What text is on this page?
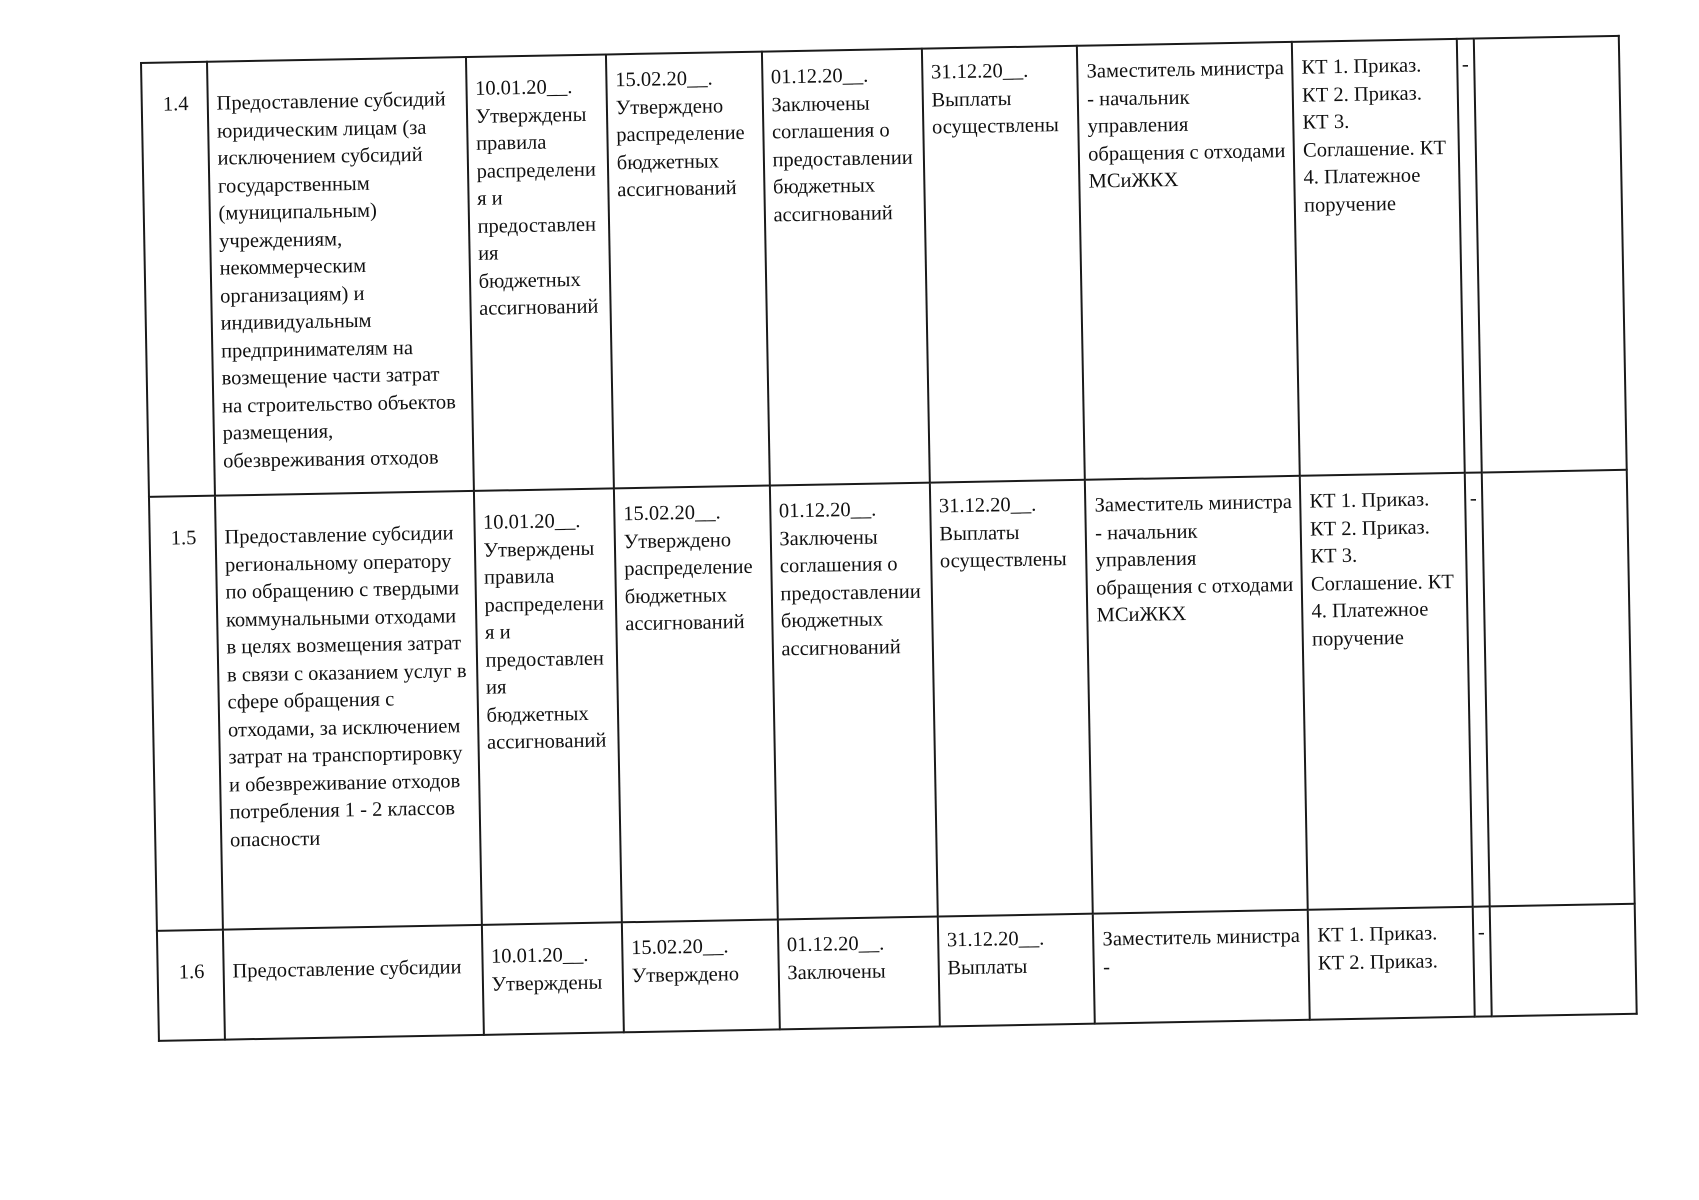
1.4	Предоставление субсидий юридическим лицам (за исключением субсидий государственным (муниципальным) учреждениям, некоммерческим организациям) и индивидуальным предпринимателям на возмещение части затрат на строительство объектов размещения, обезвреживания отходов	10.01.20__. Утверждены правила распределения и предоставления бюджетных ассигнований	15.02.20__. Утверждено распределение бюджетных ассигнований	01.12.20__. Заключены соглашения о предоставлении бюджетных ассигнований	31.12.20__. Выплаты осуществлены	Заместитель министра - начальник управления обращения с отходами МСиЖКХ	КТ 1. Приказ. КТ 2. Приказ. КТ 3. Соглашение. КТ 4. Платежное поручение	-	
1.5	Предоставление субсидии региональному оператору по обращению с твердыми коммунальными отходами в целях возмещения затрат в связи с оказанием услуг в сфере обращения с отходами, за исключением затрат на транспортировку и обезвреживание отходов потребления 1 - 2 классов опасности	10.01.20__. Утверждены правила распределения и предоставления бюджетных ассигнований	15.02.20__. Утверждено распределение бюджетных ассигнований	01.12.20__. Заключены соглашения о предоставлении бюджетных ассигнований	31.12.20__. Выплаты осуществлены	Заместитель министра - начальник управления обращения с отходами МСиЖКХ	КТ 1. Приказ. КТ 2. Приказ. КТ 3. Соглашение. КТ 4. Платежное поручение	-	
1.6	Предоставление субсидии	10.01.20__. Утверждены	15.02.20__. Утверждено	01.12.20__. Заключены	31.12.20__. Выплаты	Заместитель министра -	КТ 1. Приказ. КТ 2. Приказ.	-	
